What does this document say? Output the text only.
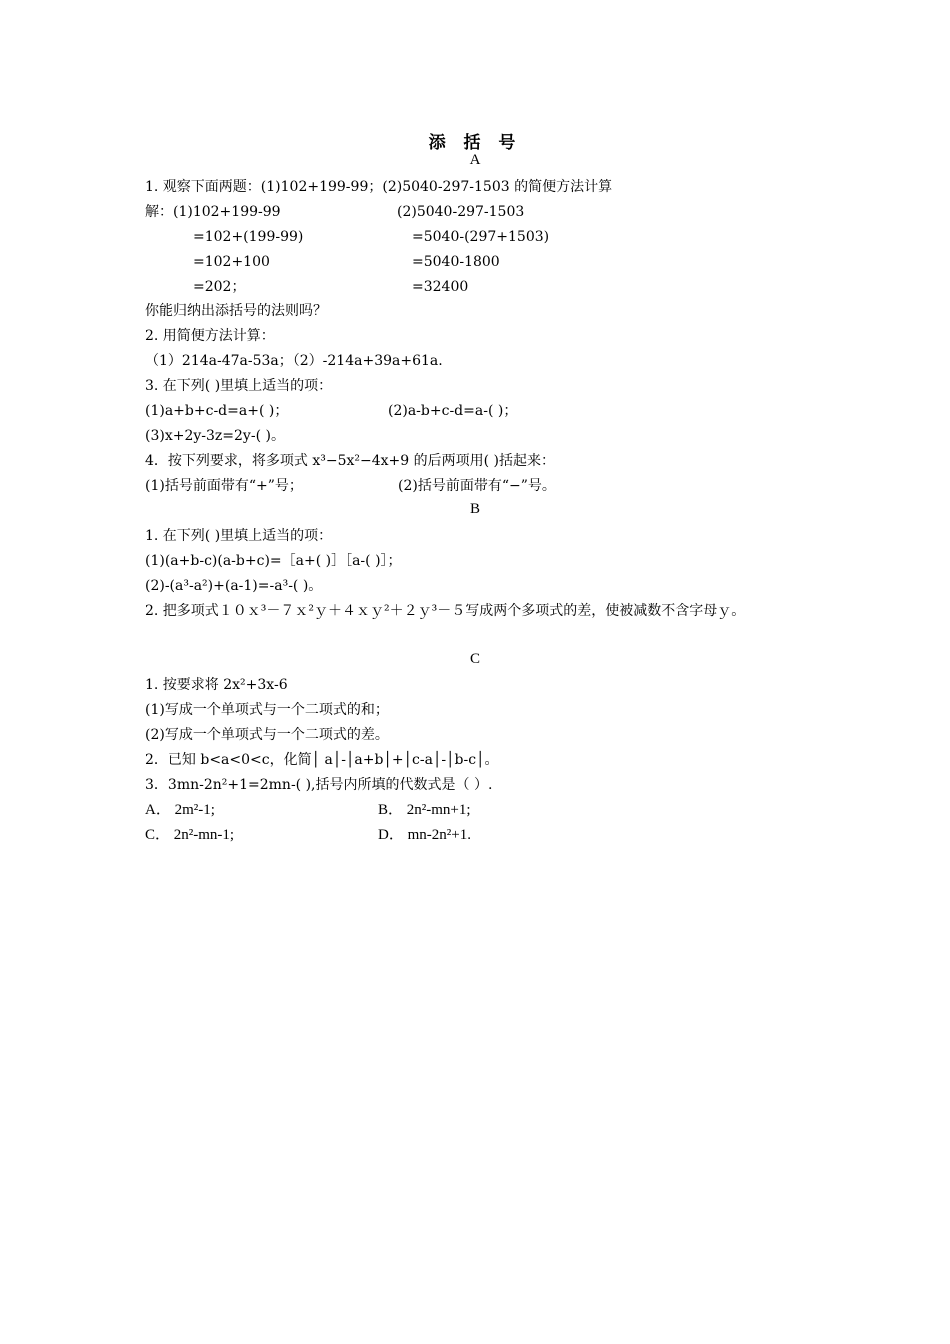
添 括 号
A
1. 观察下面两题：(1)102+199-99；(2)5040-297-1503 的简便方法计算
解：(1)102+199-99	(2)5040-297-1503
=102+(199-99)	=5040-(297+1503)
=102+100	=5040-1800
=202；	=32400
你能归纳出添括号的法则吗？
2. 用简便方法计算：
（1）214a-47a-53a；（2）-214a+39a+61a.
3. 在下列( )里填上适当的项：
(1)a+b+c-d=a+( )；	(2)a-b+c-d=a-( )；
(3)x+2y-3z=2y-( )。
4．按下列要求，将多项式 x³−5x²−4x+9 的后两项用( )括起来：
(1)括号前面带有“+”号；	(2)括号前面带有“−”号。
B
1. 在下列( )里填上适当的项：
(1)(a+b-c)(a-b+c)=［a+( )］［a-( )］；
(2)-(a³-a²)+(a-1)=-a³-( )。
2. 把多项式１０ｘ³－７ｘ²ｙ＋４ｘｙ²＋２ｙ³－５写成两个多项式的差，使被减数不含字母ｙ。
C
1. 按要求将 2x²+3x-6
(1)写成一个单项式与一个二项式的和；
(2)写成一个单项式与一个二项式的差。
2．已知 b<a<0<c，化简│ a│-│a+b│+│c-a│-│b-c│。
3．3mn-2n²+1=2mn-( ),括号内所填的代数式是（ ）.
A． 2m²-1;	B． 2n²-mn+1;
C． 2n²-mn-1;	D． mn-2n²+1.
